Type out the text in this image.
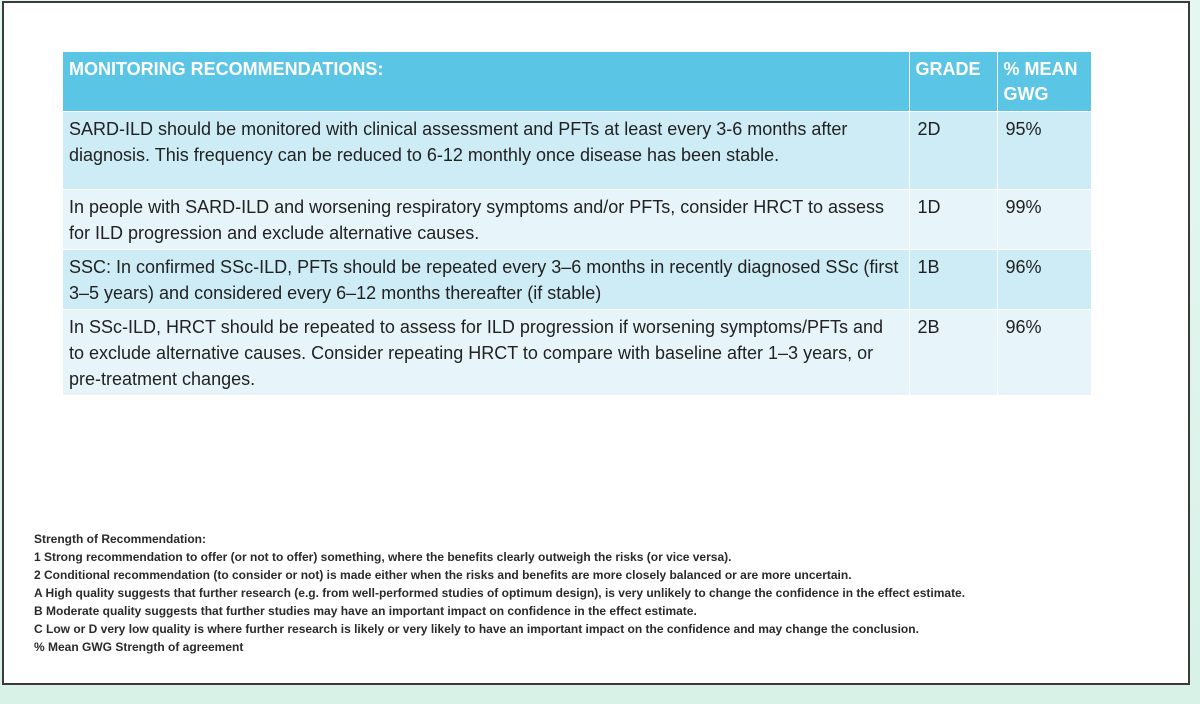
MONITORING RECOMMENDATIONS:	GRADE	% MEAN GWG
SARD-ILD should be monitored with clinical assessment and PFTs at least every 3-6 months after diagnosis. This frequency can be reduced to 6-12 monthly once disease has been stable.	2D	95%
In people with SARD-ILD and worsening respiratory symptoms and/or PFTs, consider HRCT to assess for ILD progression and exclude alternative causes.	1D	99%
SSC: In confirmed SSc-ILD, PFTs should be repeated every 3–6 months in recently diagnosed SSc (first 3–5 years) and considered every 6–12 months thereafter (if stable)	1B	96%
In SSc-ILD, HRCT should be repeated to assess for ILD progression if worsening symptoms/PFTs and to exclude alternative causes. Consider repeating HRCT to compare with baseline after 1–3 years, or pre-treatment changes.	2B	96%
Strength of Recommendation:
1 Strong recommendation to offer (or not to offer) something, where the benefits clearly outweigh the risks (or vice versa).
2 Conditional recommendation (to consider or not) is made either when the risks and benefits are more closely balanced or are more uncertain.
A High quality suggests that further research (e.g. from well-performed studies of optimum design), is very unlikely to change the confidence in the effect estimate.
B Moderate quality suggests that further studies may have an important impact on confidence in the effect estimate.
C Low or D very low quality is where further research is likely or very likely to have an important impact on the confidence and may change the conclusion.
% Mean GWG Strength of agreement
